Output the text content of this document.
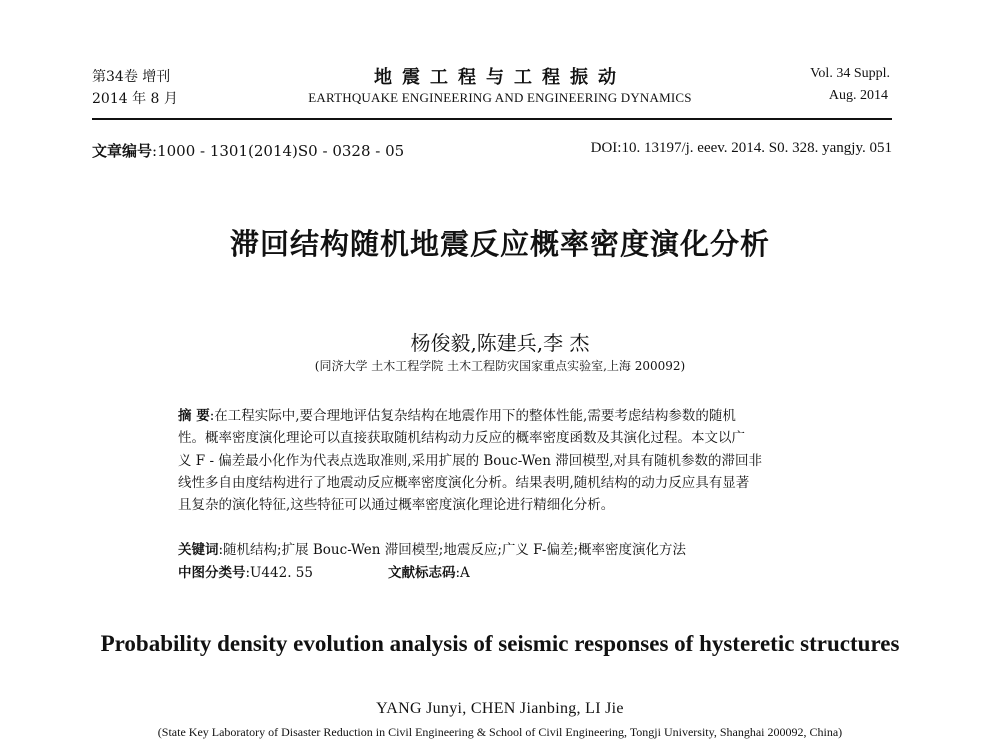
第34卷 增刊
2014 年 8 月
地震工程与工程振动
EARTHQUAKE ENGINEERING AND ENGINEERING DYNAMICS
Vol. 34 Suppl.
Aug. 2014
文章编号:1000 - 1301(2014)S0 - 0328 - 05	DOI:10. 13197/j. eeev. 2014. S0. 328. yangjy. 051
滞回结构随机地震反应概率密度演化分析
杨俊毅,陈建兵,李 杰
(同济大学 土木工程学院 土木工程防灾国家重点实验室,上海 200092)
摘 要:在工程实际中,要合理地评估复杂结构在地震作用下的整体性能,需要考虑结构参数的随机
性。概率密度演化理论可以直接获取随机结构动力反应的概率密度函数及其演化过程。本文以广
义 F - 偏差最小化作为代表点选取准则,采用扩展的 Bouc-Wen 滞回模型,对具有随机参数的滞回非
线性多自由度结构进行了地震动反应概率密度演化分析。结果表明,随机结构的动力反应具有显著
且复杂的演化特征,这些特征可以通过概率密度演化理论进行精细化分析。
关键词:随机结构;扩展 Bouc-Wen 滞回模型;地震反应;广义 F-偏差;概率密度演化方法
中图分类号:U442. 55	文献标志码:A
Probability density evolution analysis of seismic responses of hysteretic structures
YANG Junyi, CHEN Jianbing, LI Jie
(State Key Laboratory of Disaster Reduction in Civil Engineering & School of Civil Engineering, Tongji University, Shanghai 200092, China)
